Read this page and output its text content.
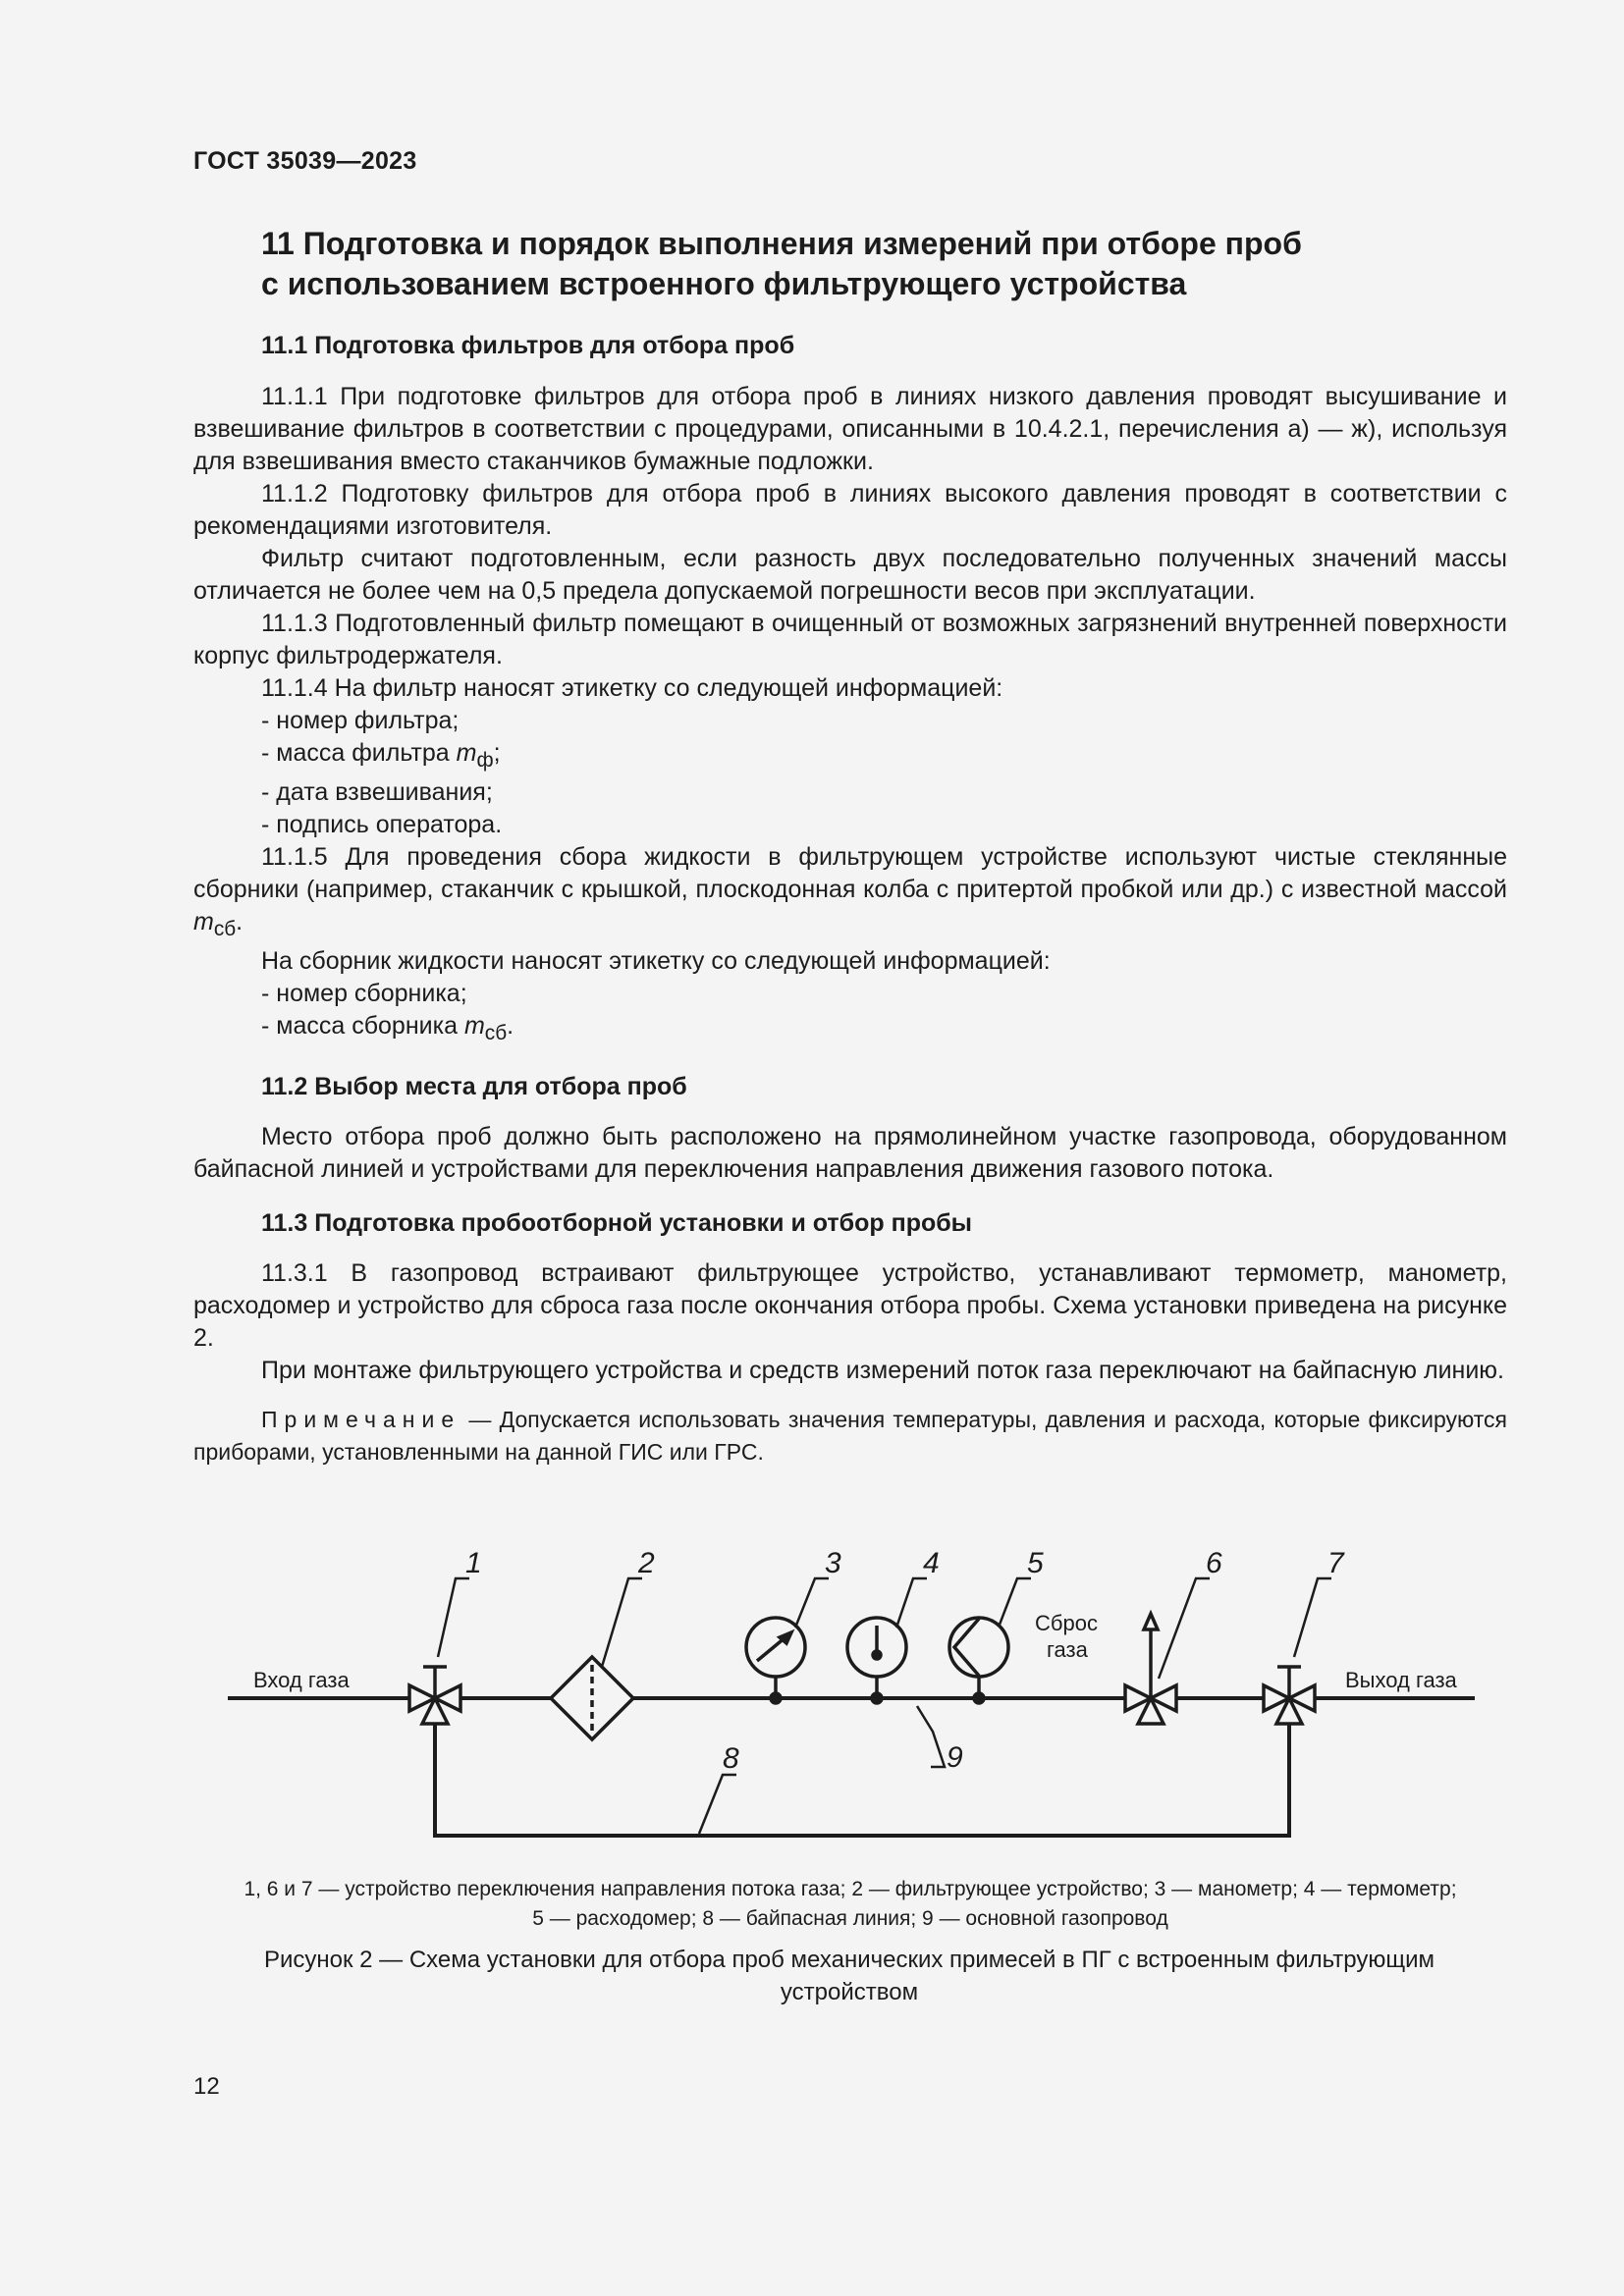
ГОСТ 35039—2023
11 Подготовка и порядок выполнения измерений при отборе проб
с использованием встроенного фильтрующего устройства
11.1 Подготовка фильтров для отбора проб

11.1.1 При подготовке фильтров для отбора проб в линиях низкого давления проводят высушивание и взвешивание фильтров в соответствии с процедурами, описанными в 10.4.2.1, перечисления а) — ж), используя для взвешивания вместо стаканчиков бумажные подложки.

11.1.2 Подготовку фильтров для отбора проб в линиях высокого давления проводят в соответствии с рекомендациями изготовителя.

Фильтр считают подготовленным, если разность двух последовательно полученных значений массы отличается не более чем на 0,5 предела допускаемой погрешности весов при эксплуатации.

11.1.3 Подготовленный фильтр помещают в очищенный от возможных загрязнений внутренней поверхности корпус фильтродержателя.

11.1.4 На фильтр наносят этикетку со следующей информацией:

- номер фильтра;

- масса фильтра $m_ф$;

- дата взвешивания;

- подпись оператора.

11.1.5 Для проведения сбора жидкости в фильтрующем устройстве используют чистые стеклянные сборники (например, стаканчик с крышкой, плоскодонная колба с притертой пробкой или др.) с известной массой $m_{сб}$.

На сборник жидкости наносят этикетку со следующей информацией:

- номер сборника;

- масса сборника $m_{сб}$.

11.2 Выбор места для отбора проб

Место отбора проб должно быть расположено на прямолинейном участке газопровода, оборудованном байпасной линией и устройствами для переключения направления движения газового потока.

11.3 Подготовка пробоотборной установки и отбор пробы

11.3.1 В газопровод встраивают фильтрующее устройство, устанавливают термометр, манометр, расходомер и устройство для сброса газа после окончания отбора пробы. Схема установки приведена на рисунке 2.

При монтаже фильтрующего устройства и средств измерений поток газа переключают на байпасную линию.

Примечание — Допускается использовать значения температуры, давления и расхода, которые фиксируются приборами, установленными на данной ГИС или ГРС.
1	2	3	4	5	6	7
8	9
Вход газа	Выход газа
Сброс
газа
1, 6 и 7 — устройство переключения направления потока газа; 2 — фильтрующее устройство; 3 — манометр; 4 — термометр;
5 — расходомер; 8 — байпасная линия; 9 — основной газопровод
Рисунок 2 — Схема установки для отбора проб механических примесей в ПГ с встроенным фильтрующим устройством
12
